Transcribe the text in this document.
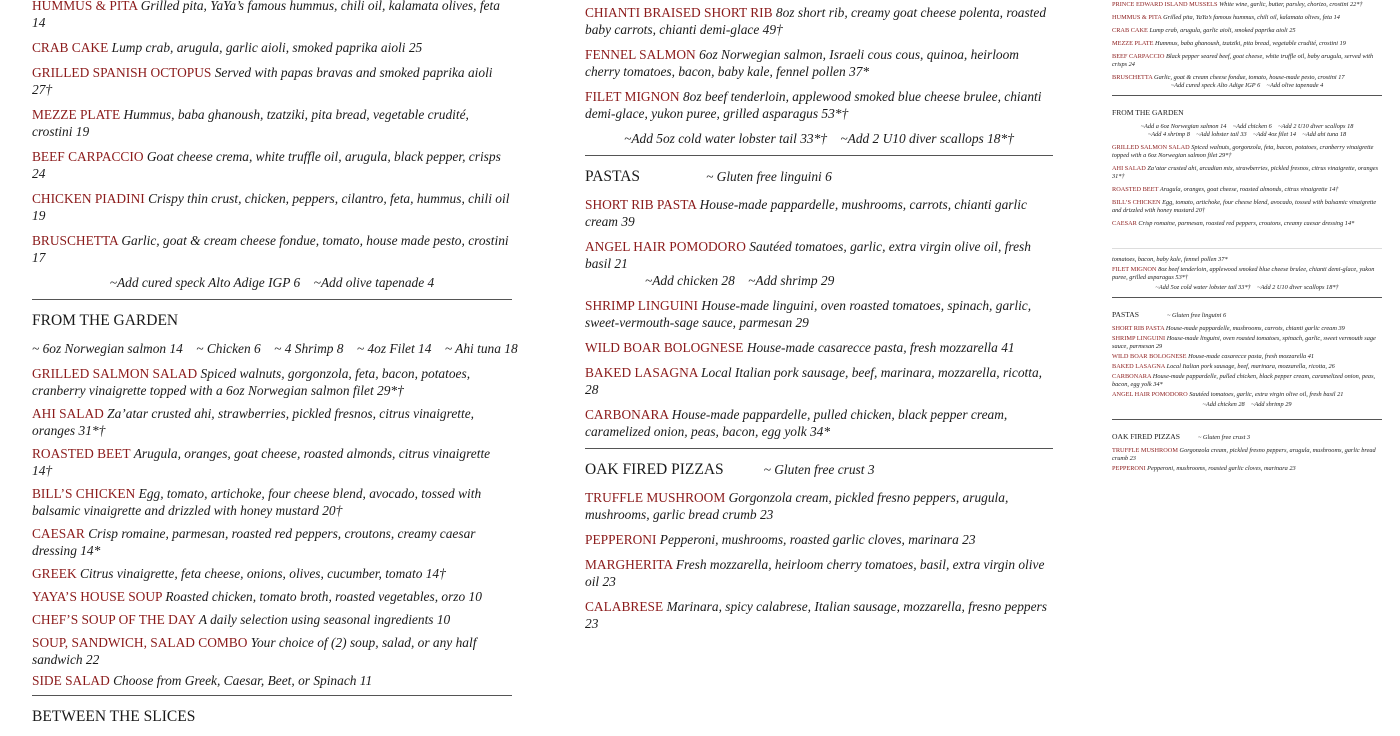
HUMMUS & PITA Grilled pita, YaYa’s famous hummus, chili oil, kalamata olives, feta 14

CRAB CAKE Lump crab, arugula, garlic aioli, smoked paprika aioli 25

GRILLED SPANISH OCTOPUS Served with papas bravas and smoked paprika aioli 27†

MEZZE PLATE Hummus, baba ghanoush, tzatziki, pita bread, vegetable crudité, crostini 19

BEEF CARPACCIO Goat cheese crema, white truffle oil, arugula, black pepper, crisps 24

CHICKEN PIADINI Crispy thin crust, chicken, peppers, cilantro, feta, hummus, chili oil 19

BRUSCHETTA Garlic, goat & cream cheese fondue, tomato, house made pesto, crostini 17

~Add cured speck Alto Adige IGP 6    ~Add olive tapenade 4

FROM THE GARDEN

~ 6oz Norwegian salmon 14    ~ Chicken 6    ~ 4 Shrimp 8    ~ 4oz Filet 14    ~ Ahi tuna 18

GRILLED SALMON SALAD Spiced walnuts, gorgonzola, feta, bacon, potatoes, cranberry vinaigrette topped with a 6oz Norwegian salmon filet 29*†

AHI SALAD Za’atar crusted ahi, strawberries, pickled fresnos, citrus vinaigrette, oranges 31*†

ROASTED BEET Arugula, oranges, goat cheese, roasted almonds, citrus vinaigrette 14†

BILL’S CHICKEN Egg, tomato, artichoke, four cheese blend, avocado, tossed with balsamic vinaigrette and drizzled with honey mustard 20†

CAESAR Crisp romaine, parmesan, roasted red peppers, croutons, creamy caesar dressing 14*

GREEK Citrus vinaigrette, feta cheese, onions, olives, cucumber, tomato 14†

YAYA’S HOUSE SOUP Roasted chicken, tomato broth, roasted vegetables, orzo 10

CHEF’S SOUP OF THE DAY A daily selection using seasonal ingredients 10

SOUP, SANDWICH, SALAD COMBO Your choice of (2) soup, salad, or any half sandwich 22

SIDE SALAD Choose from Greek, Caesar, Beet, or Spinach 11

BETWEEN THE SLICES

CHIANTI BRAISED SHORT RIB 8oz short rib, creamy goat cheese polenta, roasted baby carrots, chianti demi-glace 49†

FENNEL SALMON 6oz Norwegian salmon, Israeli cous cous, quinoa, heirloom cherry tomatoes, bacon, baby kale, fennel pollen 37*

FILET MIGNON 8oz beef tenderloin, applewood smoked blue cheese brulee, chianti demi-glace, yukon puree, grilled asparagus 53*†

~Add 5oz cold water lobster tail 33*†    ~Add 2 U10 diver scallops 18*†

PASTAS	~ Gluten free linguini 6

SHORT RIB PASTA House-made pappardelle, mushrooms, carrots, chianti garlic cream 39

ANGEL HAIR POMODORO Sautéed tomatoes, garlic, extra virgin olive oil, fresh basil 21

~Add chicken 28    ~Add shrimp 29

SHRIMP LINGUINI House-made linguini, oven roasted tomatoes, spinach, garlic, sweet-vermouth-sage sauce, parmesan 29

WILD BOAR BOLOGNESE House-made casarecce pasta, fresh mozzarella 41

BAKED LASAGNA Local Italian pork sausage, beef, marinara, mozzarella, ricotta, 28

CARBONARA House-made pappardelle, pulled chicken, black pepper cream, caramelized onion, peas, bacon, egg yolk 34*

OAK FIRED PIZZAS	~ Gluten free crust 3

TRUFFLE MUSHROOM Gorgonzola cream, pickled fresno peppers, arugula, mushrooms, garlic bread crumb 23

PEPPERONI Pepperoni, mushrooms, roasted garlic cloves, marinara 23

MARGHERITA Fresh mozzarella, heirloom cherry tomatoes, basil, extra virgin olive oil 23

CALABRESE Marinara, spicy calabrese, Italian sausage, mozzarella, fresno peppers 23

PRINCE EDWARD ISLAND MUSSELS White wine, garlic, butter, parsley, chorizo, crostini 22*†

HUMMUS & PITA Grilled pita, YaYa’s famous hummus, chili oil, kalamata olives, feta 14

CRAB CAKE Lump crab, arugula, garlic aioli, smoked paprika aioli 25

MEZZE PLATE Hummus, baba ghanoush, tzatziki, pita bread, vegetable crudité, crostini 19

BEEF CARPACCIO Black pepper seared beef, goat cheese, white truffle oil, baby arugula, served with crisps 24

BRUSCHETTA Garlic, goat & cream cheese fondue, tomato, house-made pesto, crostini 17

~Add cured speck Alto Adige IGP 6    ~Add olive tapenade 4

FROM THE GARDEN

~Add a 6oz Norwegian salmon 14    ~Add chicken 6    ~Add 2 U10 diver scallops 18

~Add 4 shrimp 8    ~Add lobster tail 33    ~Add 4oz filet 14    ~Add ahi tuna 18

GRILLED SALMON SALAD Spiced walnuts, gorgonzola, feta, bacon, potatoes, cranberry vinaigrette topped with a 6oz Norwegian salmon filet 29*†

AHI SALAD Za’atar crusted ahi, arcadian mix, strawberries, pickled fresnos, citrus vinaigrette, oranges 31*†

ROASTED BEET Arugula, oranges, goat cheese, roasted almonds, citrus vinaigrette 14†

BILL’S CHICKEN Egg, tomato, artichoke, four cheese blend, avocado, tossed with balsamic vinaigrette and drizzled with honey mustard 20†

CAESAR Crisp romaine, parmesan, roasted red peppers, croutons, creamy caesar dressing 14*

tomatoes, bacon, baby kale, fennel pollen 37*

FILET MIGNON 8oz beef tenderloin, applewood smoked blue cheese brulee, chianti demi-glace, yukon puree, grilled asparagus 53*†

~Add 5oz cold water lobster tail 33*†    ~Add 2 U10 diver scallops 18*†

PASTAS	~ Gluten free linguini 6

SHORT RIB PASTA House-made pappardelle, mushrooms, carrots, chianti garlic cream 39

SHRIMP LINGUINI House-made linguini, oven roasted tomatoes, spinach, garlic, sweet vermouth sage sauce, parmesan 29

WILD BOAR BOLOGNESE House-made casarecce pasta, fresh mozzarella 41

BAKED LASAGNA Local Italian pork sausage, beef, marinara, mozzarella, ricotta, 26

CARBONARA House-made pappardelle, pulled chicken, black pepper cream, caramelized onion, peas, bacon, egg yolk 34*

ANGEL HAIR POMODORO Sautéed tomatoes, garlic, extra virgin olive oil, fresh basil 21

~Add chicken 28    ~Add shrimp 29

OAK FIRED PIZZAS	~ Gluten free crust 3

TRUFFLE MUSHROOM Gorgonzola cream, pickled fresno peppers, arugula, mushrooms, garlic bread crumb 23

PEPPERONI Pepperoni, mushrooms, roasted garlic cloves, marinara 23
